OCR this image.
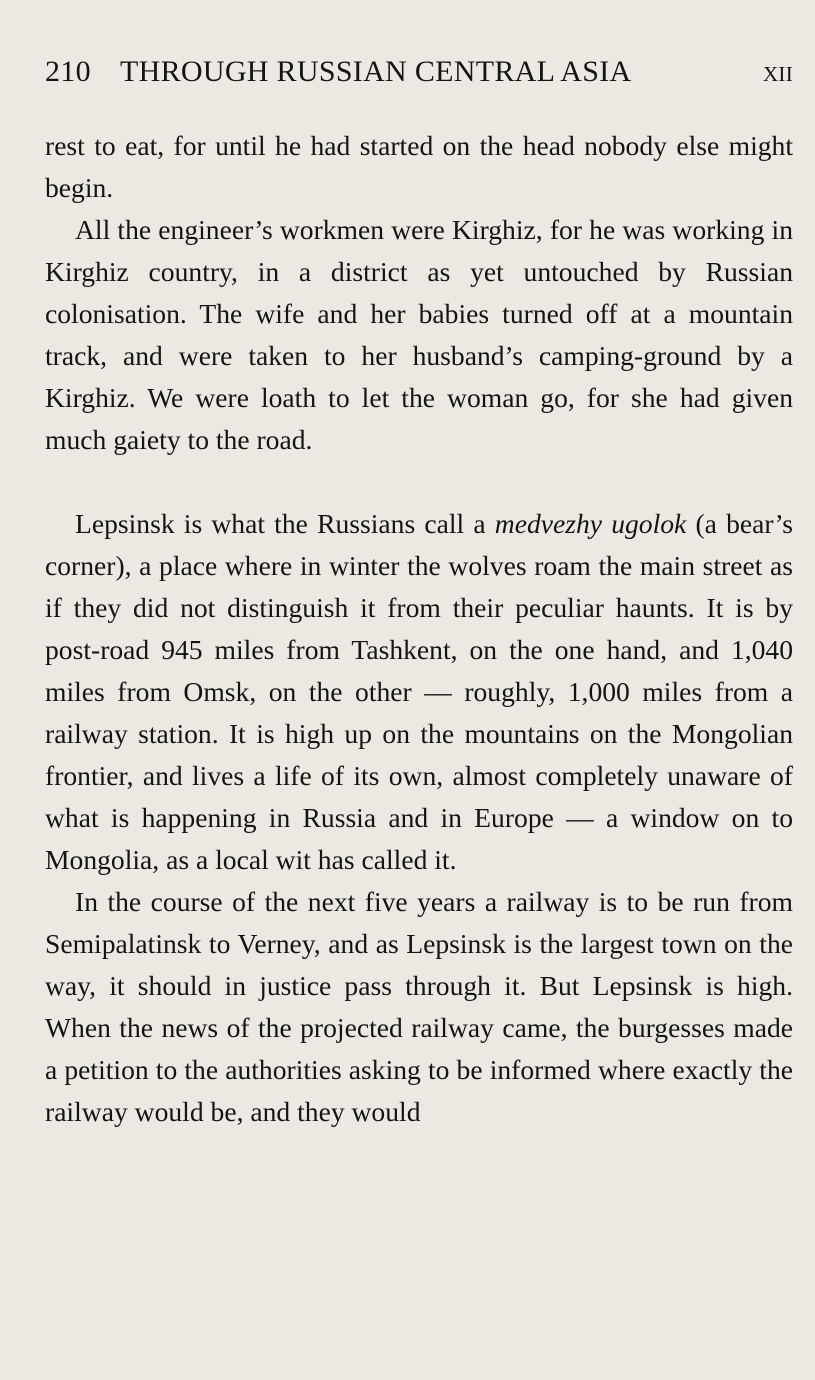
210 THROUGH RUSSIAN CENTRAL ASIA	xii

rest to eat, for until he had started on the head nobody else might begin.

All the engineer’s workmen were Kirghiz, for he was working in Kirghiz country, in a district as yet untouched by Russian colonisation. The wife and her babies turned off at a mountain track, and were taken to her husband’s camping-ground by a Kirghiz. We were loath to let the woman go, for she had given much gaiety to the road.

Lepsinsk is what the Russians call a medvezhy ugolok (a bear’s corner), a place where in winter the wolves roam the main street as if they did not distinguish it from their peculiar haunts. It is by post-road 945 miles from Tashkent, on the one hand, and 1,040 miles from Omsk, on the other — roughly, 1,000 miles from a railway station. It is high up on the mountains on the Mongolian frontier, and lives a life of its own, almost completely unaware of what is happening in Russia and in Europe — a window on to Mongolia, as a local wit has called it.

In the course of the next five years a railway is to be run from Semipalatinsk to Verney, and as Lepsinsk is the largest town on the way, it should in justice pass through it. But Lepsinsk is high. When the news of the projected railway came, the burgesses made a petition to the authorities asking to be informed where exactly the railway would be, and they would
